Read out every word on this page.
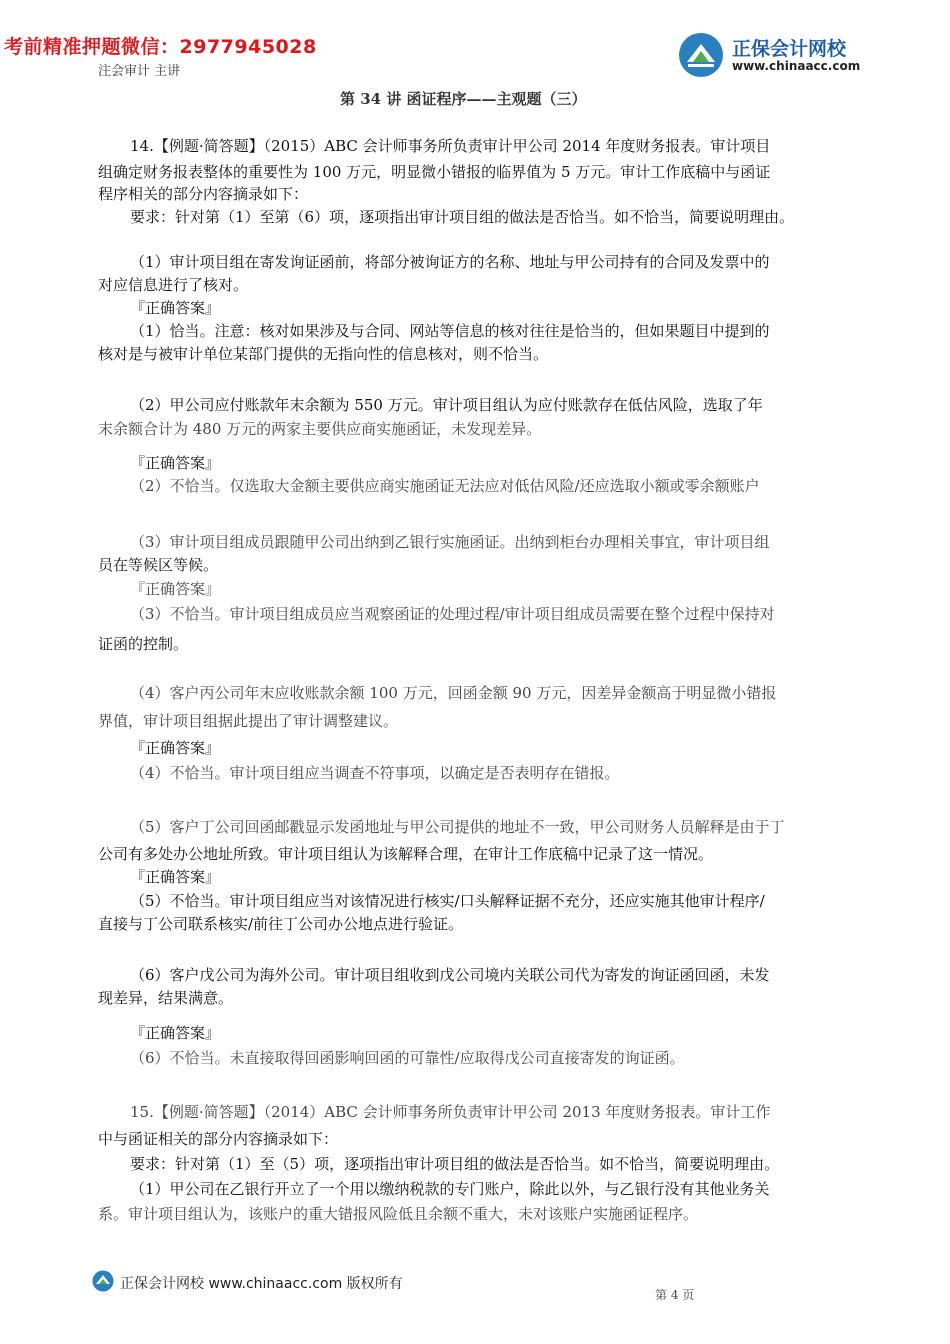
考前精准押题微信：2977945028	正保会计网校
www.chinaacc.com
注会审计 主讲
第 34 讲 函证程序——主观题（三）
14.【例题·简答题】（2015）ABC 会计师事务所负责审计甲公司 2014 年度财务报表。审计项目
组确定财务报表整体的重要性为 100 万元，明显微小错报的临界值为 5 万元。审计工作底稿中与函证
程序相关的部分内容摘录如下：
要求：针对第（1）至第（6）项，逐项指出审计项目组的做法是否恰当。如不恰当，简要说明理由。
（1）审计项目组在寄发询证函前，将部分被询证方的名称、地址与甲公司持有的合同及发票中的
对应信息进行了核对。
『正确答案』
（1）恰当。注意：核对如果涉及与合同、网站等信息的核对往往是恰当的，但如果题目中提到的
核对是与被审计单位某部门提供的无指向性的信息核对，则不恰当。
（2）甲公司应付账款年末余额为 550 万元。审计项目组认为应付账款存在低估风险，选取了年
末余额合计为 480 万元的两家主要供应商实施函证，未发现差异。
『正确答案』
（2）不恰当。仅选取大金额主要供应商实施函证无法应对低估风险/还应选取小额或零余额账户
（3）审计项目组成员跟随甲公司出纳到乙银行实施函证。出纳到柜台办理相关事宜，审计项目组
员在等候区等候。
『正确答案』
（3）不恰当。审计项目组成员应当观察函证的处理过程/审计项目组成员需要在整个过程中保持对
证函的控制。
（4）客户丙公司年末应收账款余额 100 万元，回函金额 90 万元，因差异金额高于明显微小错报
界值，审计项目组据此提出了审计调整建议。
『正确答案』
（4）不恰当。审计项目组应当调查不符事项，以确定是否表明存在错报。
（5）客户丁公司回函邮戳显示发函地址与甲公司提供的地址不一致，甲公司财务人员解释是由于丁
公司有多处办公地址所致。审计项目组认为该解释合理，在审计工作底稿中记录了这一情况。
『正确答案』
（5）不恰当。审计项目组应当对该情况进行核实/口头解释证据不充分，还应实施其他审计程序/
直接与丁公司联系核实/前往丁公司办公地点进行验证。
（6）客户戊公司为海外公司。审计项目组收到戊公司境内关联公司代为寄发的询证函回函，未发
现差异，结果满意。
『正确答案』
（6）不恰当。未直接取得回函影响回函的可靠性/应取得戊公司直接寄发的询证函。
15.【例题·简答题】（2014）ABC 会计师事务所负责审计甲公司 2013 年度财务报表。审计工作
中与函证相关的部分内容摘录如下：
要求：针对第（1）至（5）项，逐项指出审计项目组的做法是否恰当。如不恰当，简要说明理由。
（1）甲公司在乙银行开立了一个用以缴纳税款的专门账户，除此以外，与乙银行没有其他业务关
系。审计项目组认为，该账户的重大错报风险低且余额不重大，未对该账户实施函证程序。
正保会计网校 www.chinaacc.com 版权所有
第 4 页
